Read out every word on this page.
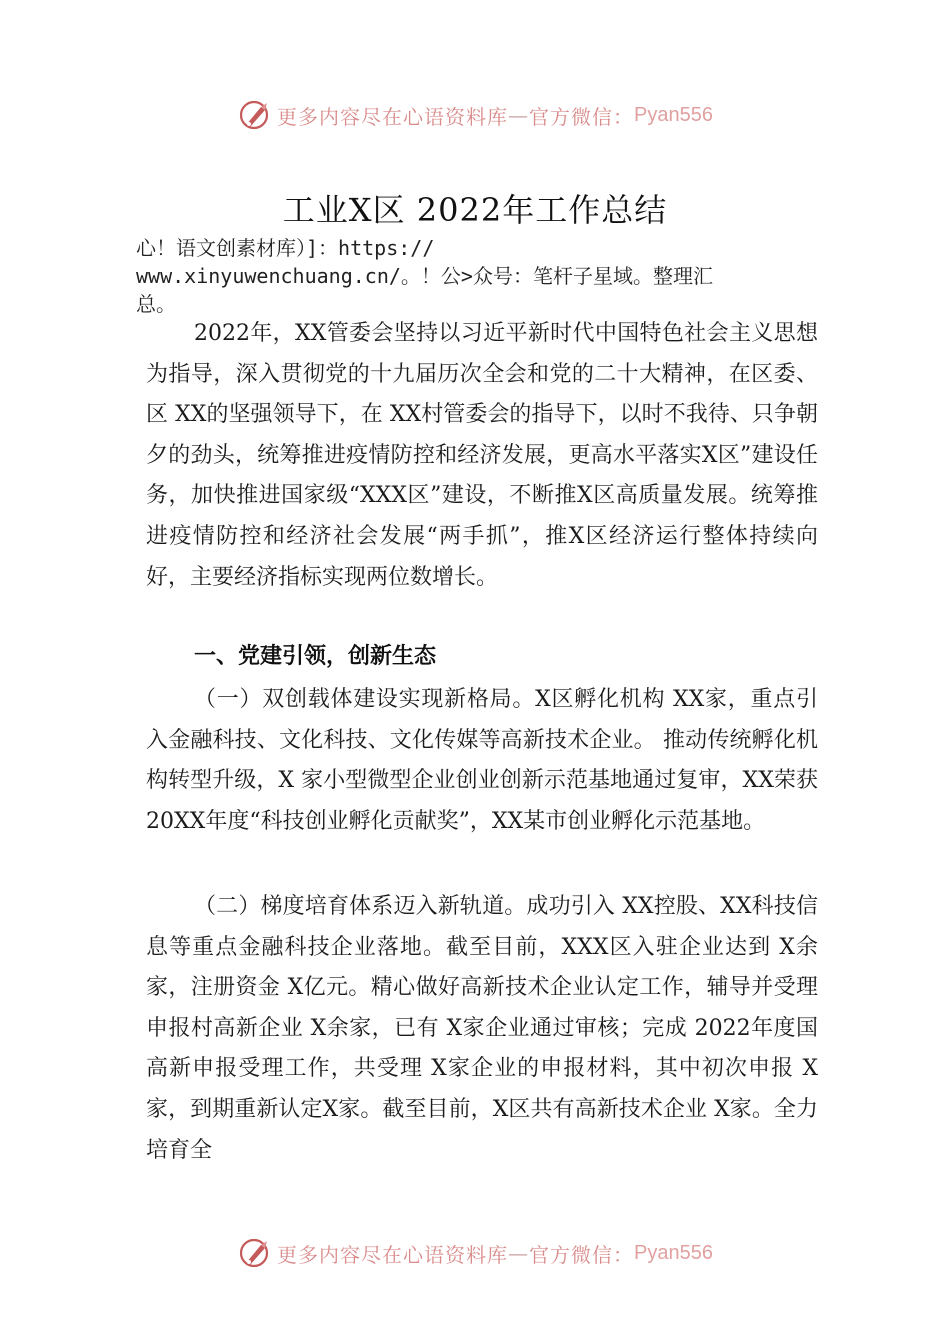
更多内容尽在心语资料库 — 官方微信： Pyan556
工业X区 2022年工作总结
心！语文创素材库）]：https://
www.xinyuwenchuang.cn/。！公>众号：笔杆子星域。整理汇
总。

2022年，XX管委会坚持以习近平新时代中国特色社会主义思想为指导，深入贯彻党的十九届历次全会和党的二十大精神，在区委、区 XX的坚强领导下，在 XX村管委会的指导下，以时不我待、只争朝夕的劲头，统筹推进疫情防控和经济发展，更高水平落实X区”建设任务，加快推进国家级“XXX区”建设，不断推X区高质量发展。统筹推进疫情防控和经济社会发展“两手抓”，推X区经济运行整体持续向好，主要经济指标实现两位数增长。

一、党建引领，创新生态

（一）双创载体建设实现新格局。X区孵化机构 XX家，重点引入金融科技、文化科技、文化传媒等高新技术企业。 推动传统孵化机构转型升级，X 家小型微型企业创业创新示范基地通过复审，XX荣获 20XX年度“科技创业孵化贡献奖”，XX某市创业孵化示范基地。

（二）梯度培育体系迈入新轨道。成功引入 XX控股、XX科技信息等重点金融科技企业落地。截至目前，XXX区入驻企业达到 X余家，注册资金 X亿元。精心做好高新技术企业认定工作，辅导并受理申报村高新企业 X余家，已有 X家企业通过审核；完成 2022年度国高新申报受理工作，共受理 X家企业的申报材料，其中初次申报 X家，到期重新认定X家。截至目前，X区共有高新技术企业 X家。全力培育全

更多内容尽在心语资料库 — 官方微信： Pyan556
